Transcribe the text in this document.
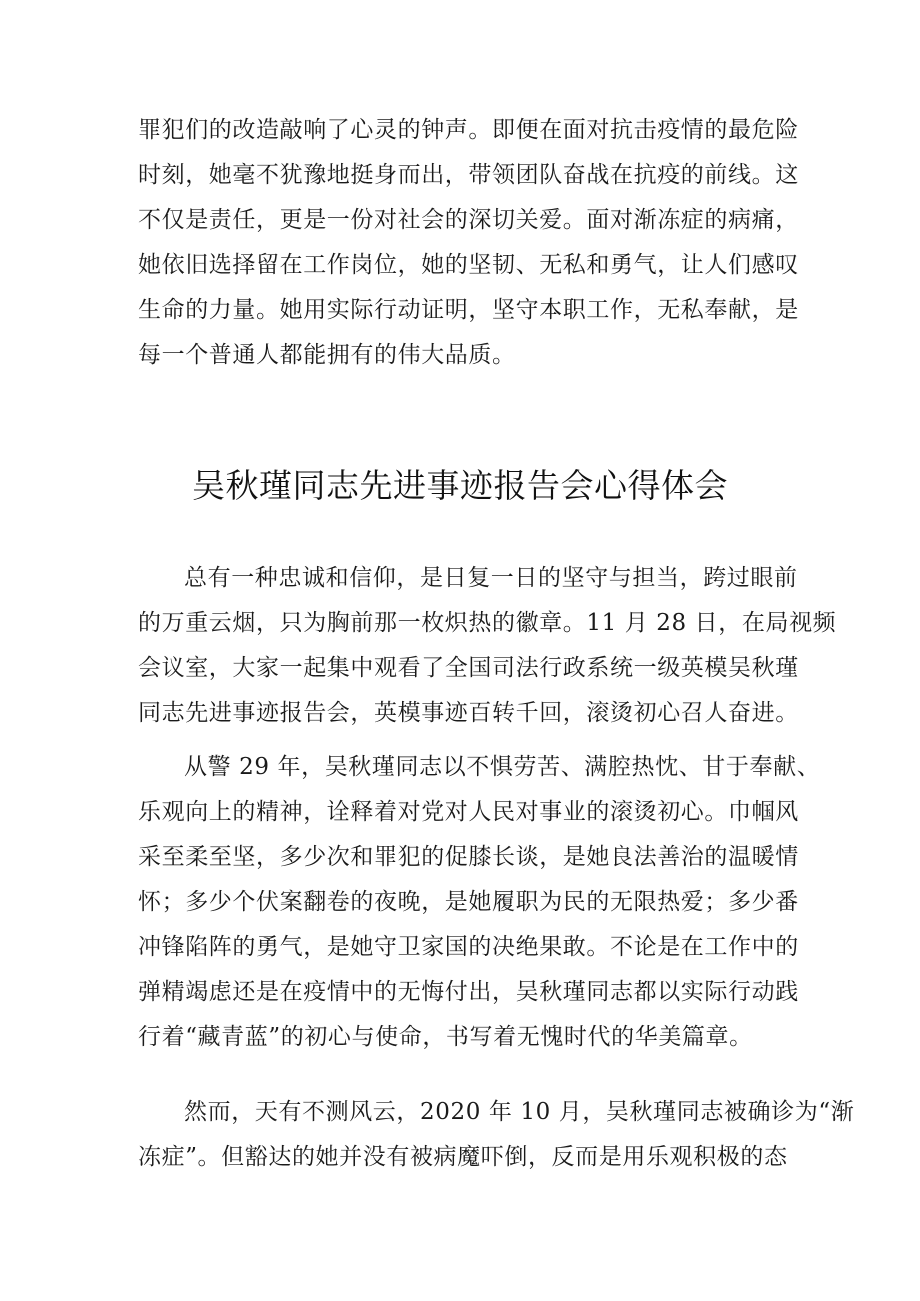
罪犯们的改造敲响了心灵的钟声。即便在面对抗击疫情的最危险
时刻，她毫不犹豫地挺身而出，带领团队奋战在抗疫的前线。这
不仅是责任，更是一份对社会的深切关爱。面对渐冻症的病痛，
她依旧选择留在工作岗位，她的坚韧、无私和勇气，让人们感叹
生命的力量。她用实际行动证明，坚守本职工作，无私奉献，是
每一个普通人都能拥有的伟大品质。
吴秋瑾同志先进事迹报告会心得体会
总有一种忠诚和信仰，是日复一日的坚守与担当，跨过眼前
的万重云烟，只为胸前那一枚炽热的徽章。11 月 28 日，在局视频
会议室，大家一起集中观看了全国司法行政系统一级英模吴秋瑾
同志先进事迹报告会，英模事迹百转千回，滚烫初心召人奋进。
从警 29 年，吴秋瑾同志以不惧劳苦、满腔热忱、甘于奉献、
乐观向上的精神，诠释着对党对人民对事业的滚烫初心。巾帼风
采至柔至坚，多少次和罪犯的促膝长谈，是她良法善治的温暖情
怀；多少个伏案翻卷的夜晚，是她履职为民的无限热爱；多少番
冲锋陷阵的勇气，是她守卫家国的决绝果敢。不论是在工作中的
弹精竭虑还是在疫情中的无悔付出，吴秋瑾同志都以实际行动践
行着“藏青蓝”的初心与使命，书写着无愧时代的华美篇章。
然而，天有不测风云，2020 年 10 月，吴秋瑾同志被确诊为“渐
冻症”。但豁达的她并没有被病魔吓倒，反而是用乐观积极的态
